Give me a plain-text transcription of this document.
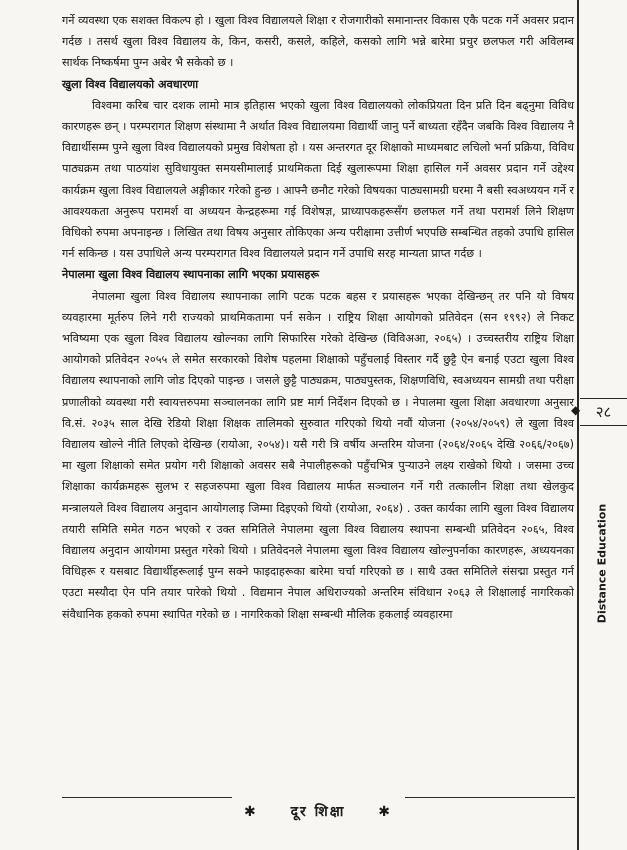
गर्ने व्यवस्था एक सशक्त विकल्प हो । खुला विश्व विद्यालयले शिक्षा र रोजगारीको समानान्तर विकास एकै पटक गर्ने अवसर प्रदान गर्दछ । तसर्थ खुला विश्व विद्यालय के, किन, कसरी, कसले, कहिले, कसको लागि भन्ने बारेमा प्रचुर छलफल गरी अविलम्ब सार्थक निष्कर्षमा पुग्न अबेर भै सकेको छ ।

खुला विश्व विद्यालयको अवधारणा

विश्वमा करिब चार दशक लामो मात्र इतिहास भएको खुला विश्व विद्यालयको लोकप्रियता दिन प्रति दिन बढ्नुमा विविध कारणहरू छन् । परम्परागत शिक्षण संस्थामा नै अर्थात विश्व विद्यालयमा विद्यार्थी जानु पर्ने बाध्यता रहँदैन जबकि विश्व विद्यालय नै विद्यार्थीसम्म पुग्ने खुला विश्व विद्यालयको प्रमुख विशेषता हो । यस अन्तरगत दूर शिक्षाको माध्यमबाट लचिलो भर्ना प्रक्रिया, विविध पाठ्यक्रम तथा पाठयांश सुविधायुक्त समयसीमालाई प्राथमिकता दिई खुलारूपमा शिक्षा हासिल गर्ने अवसर प्रदान गर्ने उद्देश्य कार्यक्रम खुला विश्व विद्यालयले अङ्गीकार गरेको हुन्छ । आफ्नै छनौट गरेको विषयका पाठ्यसामग्री घरमा नै बसी स्वअध्ययन गर्ने र आवश्यकता अनुरूप परामर्श वा अध्ययन केन्द्रहरूमा गई विशेषज्ञ, प्राध्यापकहरूसँग छलफल गर्ने तथा परामर्श लिने शिक्षण विधिको रुपमा अपनाइन्छ । लिखित तथा विषय अनुसार तोकिएका अन्य परीक्षामा उत्तीर्ण भएपछि सम्बन्धित तहको उपाधि हासिल गर्न सकिन्छ । यस उपाधिले अन्य परम्परागत विश्व विद्यालयले प्रदान गर्ने उपाधि सरह मान्यता प्राप्त गर्दछ ।

नेपालमा खुला विश्व विद्यालय स्थापनाका लागि भएका प्रयासहरू

नेपालमा खुला विश्व विद्यालय स्थापनाका लागि पटक पटक बहस र प्रयासहरू भएका देखिन्छन् तर पनि यो विषय व्यवहारमा मूर्तरुप लिने गरी राज्यको प्राथमिकतामा पर्न सकेन । राष्ट्रिय शिक्षा आयोगको प्रतिवेदन (सन १९९२) ले निकट भविष्यमा एक खुला विश्व विद्यालय खोल्नका लागि सिफारिस गरेको देखिन्छ (विविअआ, २०६५) । उच्चस्तरीय राष्ट्रिय शिक्षा आयोगको प्रतिवेदन २०५५ ले समेत सरकारको विशेष पहलमा शिक्षाको पहुँचलाई विस्तार गर्दै छुट्टै ऐन बनाई एउटा खुला विश्व विद्यालय स्थापनाको लागि जोड दिएको पाइन्छ । जसले छुट्टै पाठ्यक्रम, पाठ्यपुस्तक, शिक्षणविधि, स्वअध्ययन सामग्री तथा परीक्षा प्रणालीको व्यवस्था गरी स्वायत्तरुपमा सञ्चालनका लागि प्रष्ट मार्ग निर्देशन दिएको छ । नेपालमा खुला शिक्षा अवधारणा अनुसार वि.सं. २०३५ साल देखि रेडियो शिक्षा शिक्षक तालिमको सुरुवात गरिएको थियो नवौं योजना (२०५४/२०५९) ले खुला विश्व विद्यालय खोल्ने नीति लिएको देखिन्छ (रायोआ, २०५४)। यसै गरी त्रि वर्षीय अन्तरिम योजना (२०६४/२०६५ देखि २०६६/२०६७) मा खुला शिक्षाको समेत प्रयोग गरी शिक्षाको अवसर सबै नेपालीहरूको पहुँचभित्र पुऱ्याउने लक्ष्य राखेको थियो । जसमा उच्च शिक्षाका कार्यक्रमहरू सुलभ र सहजरुपमा खुला विश्व विद्यालय मार्फत सञ्चालन गर्ने गरी तत्कालीन शिक्षा तथा खेलकुद मन्त्रालयले विश्व विद्यालय अनुदान आयोगलाइ जिम्मा दिइएको थियो (रायोआ, २०६४) . उक्त कार्यका लागि खुला विश्व विद्यालय तयारी समिति समेत गठन भएको र उक्त समितिले नेपालमा खुला विश्व विद्यालय स्थापना सम्बन्धी प्रतिवेदन २०६५, विश्व विद्यालय अनुदान आयोगमा प्रस्तुत गरेको थियो । प्रतिवेदनले नेपालमा खुला विश्व विद्यालय खोल्नुपर्नाका कारणहरू, अध्ययनका विधिहरू र यसबाट विद्यार्थीहरूलाई पुग्न सक्ने फाइदाहरूका बारेमा चर्चा गरिएको छ । साथै उक्त समितिले संसद्मा प्रस्तुत गर्न एउटा मस्यौदा ऐन पनि तयार पारेको थियो . विद्यमान नेपाल अधिराज्यको अन्तरिम संविधान २०६३ ले शिक्षालाई नागरिकको संवैधानिक हकको रुपमा स्थापित गरेको छ । नागरिकको शिक्षा सम्बन्धी मौलिक हकलाई व्यवहारमा

◆	२८
Distance Education
✱ दूर शिक्षा ✱
